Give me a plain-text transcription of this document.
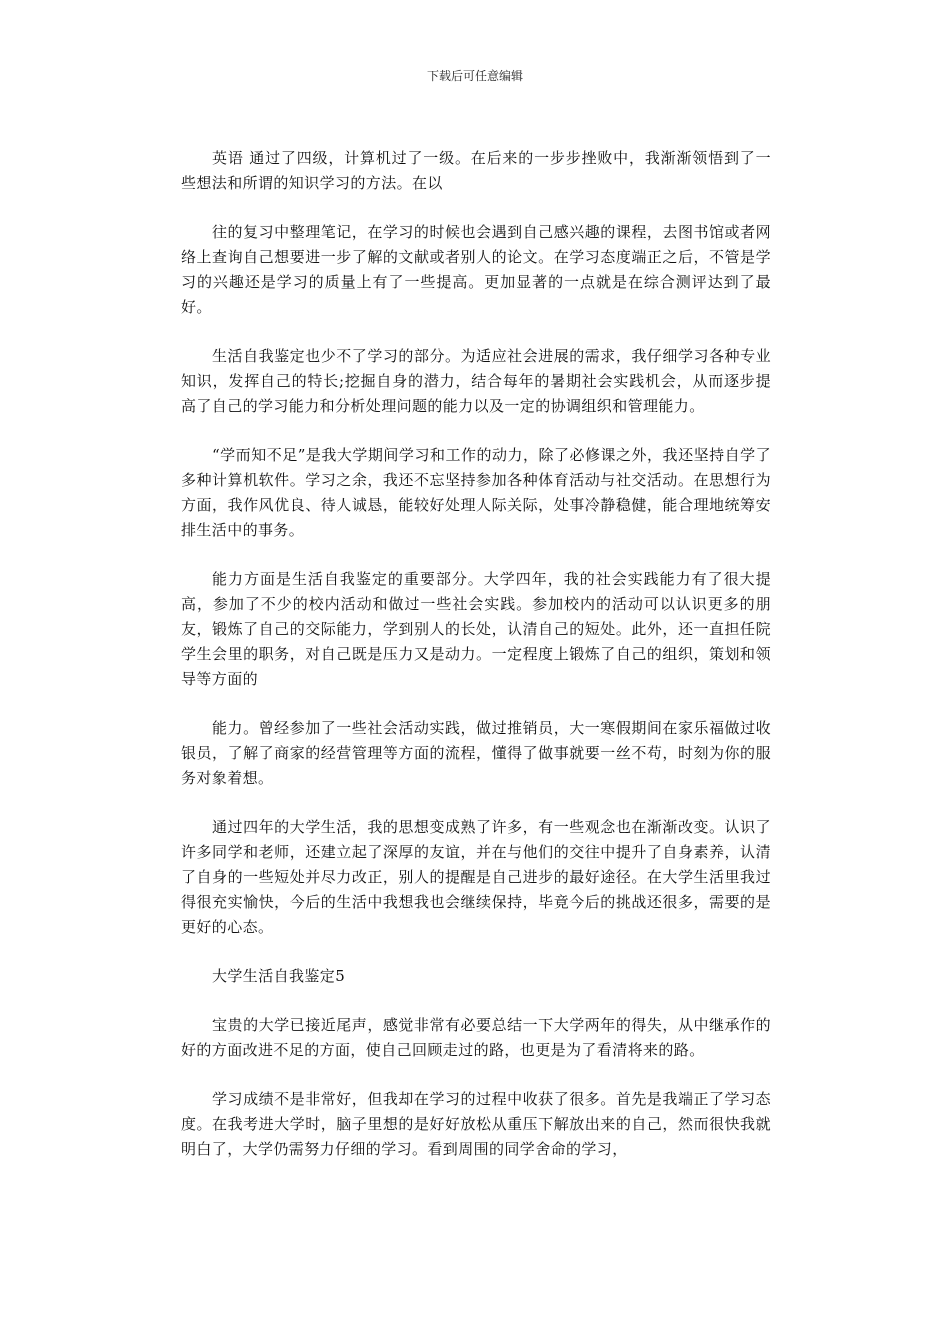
下载后可任意编辑

英语 通过了四级，计算机过了一级。在后来的一步步挫败中，我渐渐领悟到了一些想法和所谓的知识学习的方法。在以

往的复习中整理笔记，在学习的时候也会遇到自己感兴趣的课程，去图书馆或者网络上查询自己想要进一步了解的文献或者别人的论文。在学习态度端正之后，不管是学习的兴趣还是学习的质量上有了一些提高。更加显著的一点就是在综合测评达到了最好。

生活自我鉴定也少不了学习的部分。为适应社会进展的需求，我仔细学习各种专业知识，发挥自己的特长;挖掘自身的潜力，结合每年的暑期社会实践机会，从而逐步提高了自己的学习能力和分析处理问题的能力以及一定的协调组织和管理能力。

“学而知不足”是我大学期间学习和工作的动力，除了必修课之外，我还坚持自学了多种计算机软件。学习之余，我还不忘坚持参加各种体育活动与社交活动。在思想行为方面，我作风优良、待人诚恳，能较好处理人际关际，处事冷静稳健，能合理地统筹安排生活中的事务。

能力方面是生活自我鉴定的重要部分。大学四年，我的社会实践能力有了很大提高，参加了不少的校内活动和做过一些社会实践。参加校内的活动可以认识更多的朋友，锻炼了自己的交际能力，学到别人的长处，认清自己的短处。此外，还一直担任院学生会里的职务，对自己既是压力又是动力。一定程度上锻炼了自己的组织，策划和领导等方面的

能力。曾经参加了一些社会活动实践，做过推销员，大一寒假期间在家乐福做过收银员，了解了商家的经营管理等方面的流程，懂得了做事就要一丝不苟，时刻为你的服务对象着想。

通过四年的大学生活，我的思想变成熟了许多，有一些观念也在渐渐改变。认识了许多同学和老师，还建立起了深厚的友谊，并在与他们的交往中提升了自身素养，认清了自身的一些短处并尽力改正，别人的提醒是自己进步的最好途径。在大学生活里我过得很充实愉快，今后的生活中我想我也会继续保持，毕竟今后的挑战还很多，需要的是更好的心态。

大学生活自我鉴定5

宝贵的大学已接近尾声，感觉非常有必要总结一下大学两年的得失，从中继承作的好的方面改进不足的方面，使自己回顾走过的路，也更是为了看清将来的路。

学习成绩不是非常好，但我却在学习的过程中收获了很多。首先是我端正了学习态度。在我考进大学时，脑子里想的是好好放松从重压下解放出来的自己，然而很快我就明白了，大学仍需努力仔细的学习。看到周围的同学舍命的学习，
